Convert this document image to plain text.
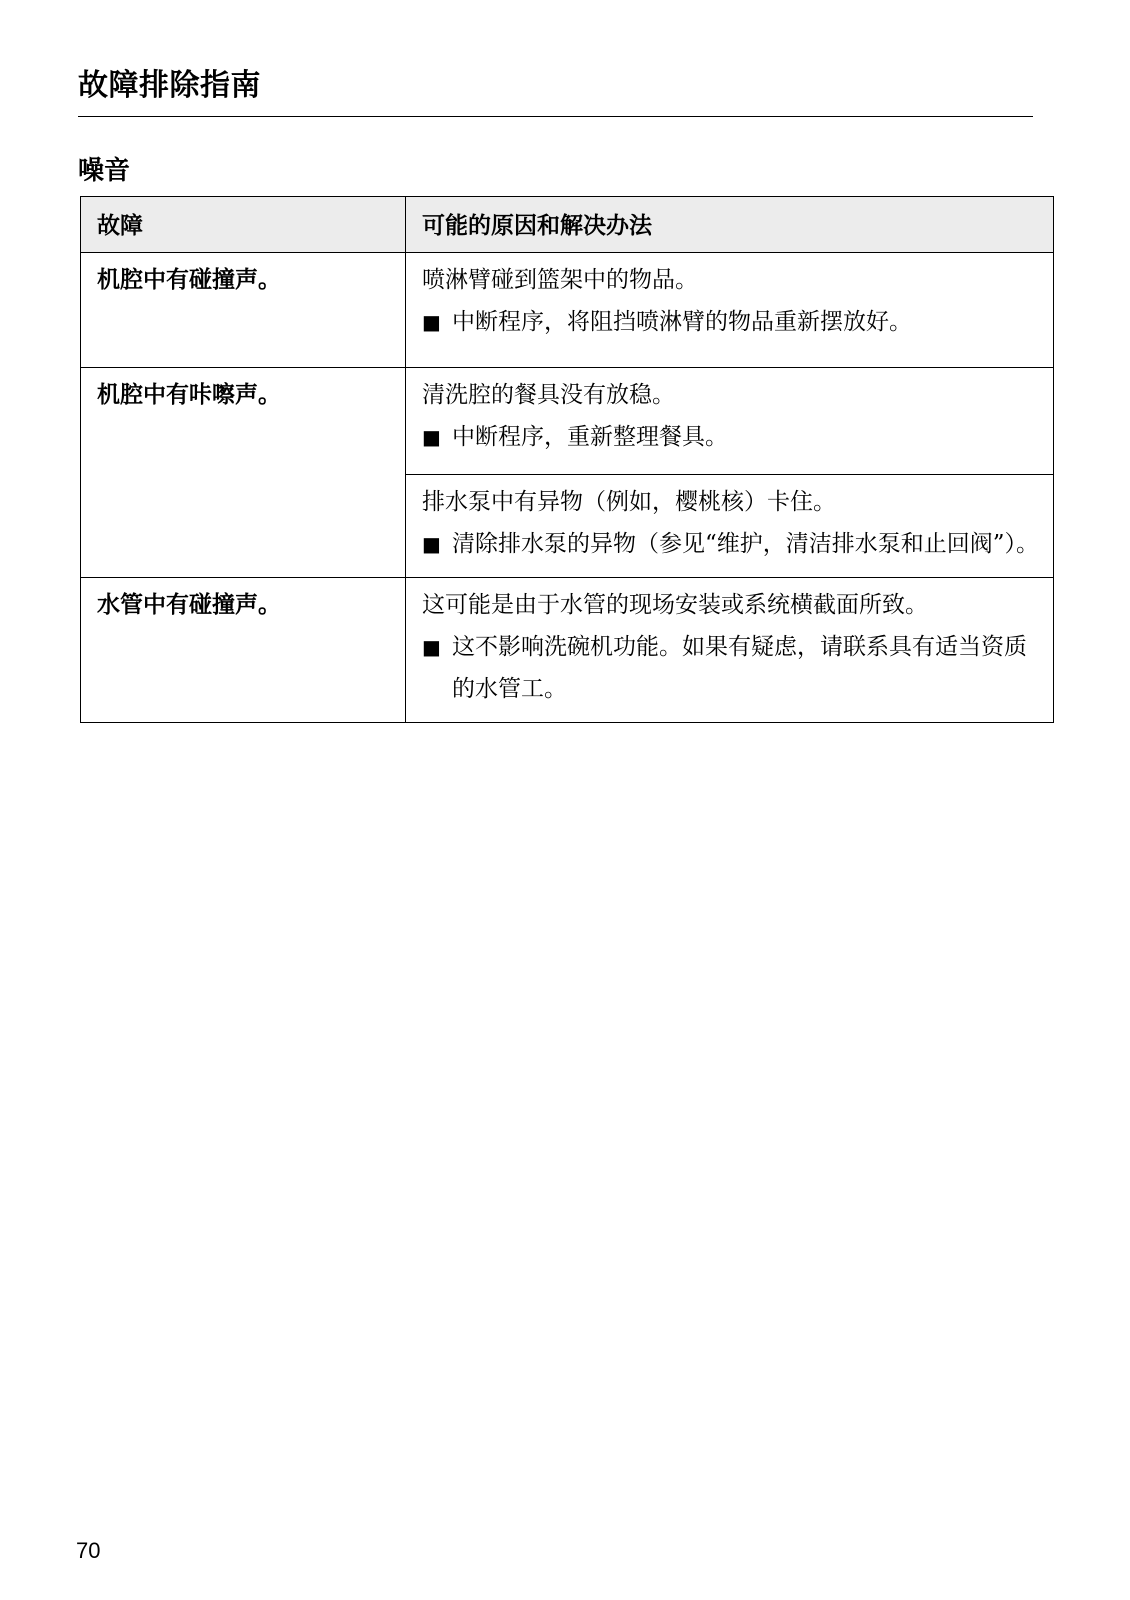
故障排除指南
噪音
故障	可能的原因和解决办法
机腔中有碰撞声。	喷淋臂碰到篮架中的物品。
■ 中断程序，将阻挡喷淋臂的物品重新摆放好。

机腔中有咔嚓声。	清洗腔的餐具没有放稳。
■ 中断程序，重新整理餐具。

	排水泵中有异物（例如，樱桃核）卡住。
■ 清除排水泵的异物（参见“维护，清洁排水泵和止回阀”）。

水管中有碰撞声。	这可能是由于水管的现场安装或系统横截面所致。
■ 这不影响洗碗机功能。如果有疑虑，请联系具有适当资质的水管工。
70
